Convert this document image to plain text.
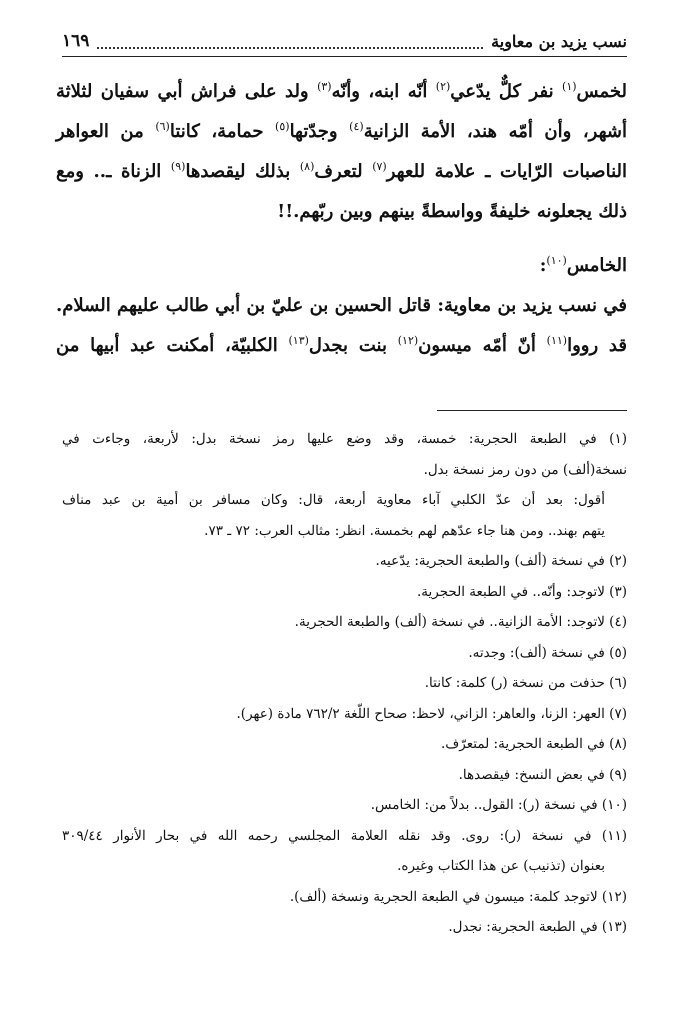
نسب يزيد بن معاوية
١٦٩
لخمس$^{(١)}$ نفر كلٌّ يدّعي$^{(٢)}$ أنّه ابنه، وأنّه$^{(٣)}$ ولد على فراش أبي سفيان لثلاثة
أشهر، وأن أمّه هند، الأمة الزانية$^{(٤)}$ وجدّتها$^{(٥)}$ حمامة، كانتا$^{(٦)}$ من العواهر
الناصبات الرّايات ـ علامة للعهر$^{(٧)}$ لتعرف$^{(٨)}$ بذلك ليقصدها$^{(٩)}$ الزناة ـ.. ومع
ذلك يجعلونه خليفةً وواسطةً بينهم وبين ربّهم.!!
الخامس$^{(١٠)}$:
في نسب يزيد بن معاوية: قاتل الحسين بن عليّ بن أبي طالب عليهم السلام.
قد رووا$^{(١١)}$ أنّ أمّه ميسون$^{(١٢)}$ بنت بجدل$^{(١٣)}$ الكلبيّة، أمكنت عبد أبيها من
(١) في الطبعة الحجرية: خمسة، وقد وضع عليها رمز نسخة بدل: لأربعة، وجاءت في
نسخة(ألف) من دون رمز نسخة بدل.
أقول: بعد أن عدّ الكلبي آباء معاوية أربعة، قال: وكان مسافر بن أمية بن عبد مناف
يتهم بهند.. ومن هنا جاء عدّهم لهم بخمسة. انظر: مثالب العرب: ٧٢ ـ ٧٣.
(٢) في نسخة (ألف) والطبعة الحجرية: يدّعيه.
(٣) لاتوجد: وأنّه.. في الطبعة الحجرية.
(٤) لاتوجد: الأمة الزانية.. في نسخة (ألف) والطبعة الحجرية.
(٥) في نسخة (ألف): وجدته.
(٦) حذفت من نسخة (ر) كلمة: كانتا.
(٧) العهر: الزنا، والعاهر: الزاني، لاحظ: صحاح اللّغة ٧٦٢/٢ مادة (عهر).
(٨) في الطبعة الحجرية: لمتعرّف.
(٩) في بعض النسخ: فيقصدها.
(١٠) في نسخة (ر): القول.. بدلاً من: الخامس.
(١١) في نسخة (ر): روى. وقد نقله العلامة المجلسي رحمه الله في بحار الأنوار ٣٠٩/٤٤
بعنوان (تذنيب) عن هذا الكتاب وغيره.
(١٢) لاتوجد كلمة: ميسون في الطبعة الحجرية ونسخة (ألف).
(١٣) في الطبعة الحجرية: نجدل.
